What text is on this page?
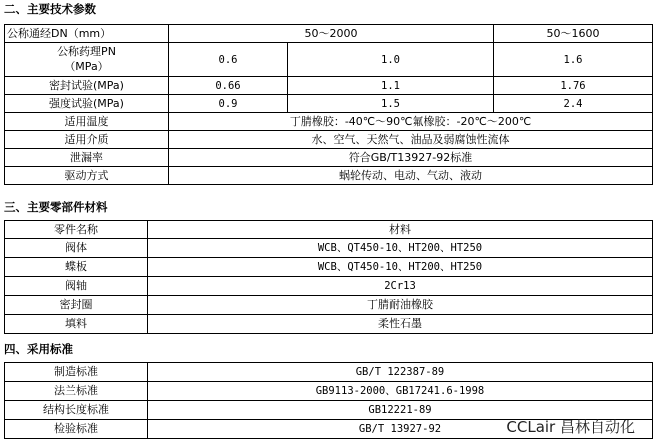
二、主要技术参数
公称通经DN（mm）	50～2000		50～1600

公称药理PN
（MPa）	0.6	1.0	1.6
密封试验(MPa)	0.66	1.1	1.76
强度试验(MPa)	0.9	1.5	2.4
适用温度	丁腈橡胶：-40℃～90℃氟橡胶：-20℃～200℃		
适用介质	水、空气、天然气、油品及弱腐蚀性流体		
泄漏率	符合GB/T13927-92标准		
驱动方式	蜗轮传动、电动、气动、液动		
三、主要零部件材料
零件名称	材料
阀体	WCB、QT450-10、HT200、HT250
蝶板	WCB、QT450-10、HT200、HT250
阀轴	2Cr13
密封圈	丁腈耐油橡胶
填料	柔性石墨
四、采用标准
制造标准	GB/T 122387-89
法兰标准	GB9113-2000、GB17241.6-1998
结构长度标准	GB12221-89
检验标准	GB/T 13927-92	CCLair 昌林自动化
